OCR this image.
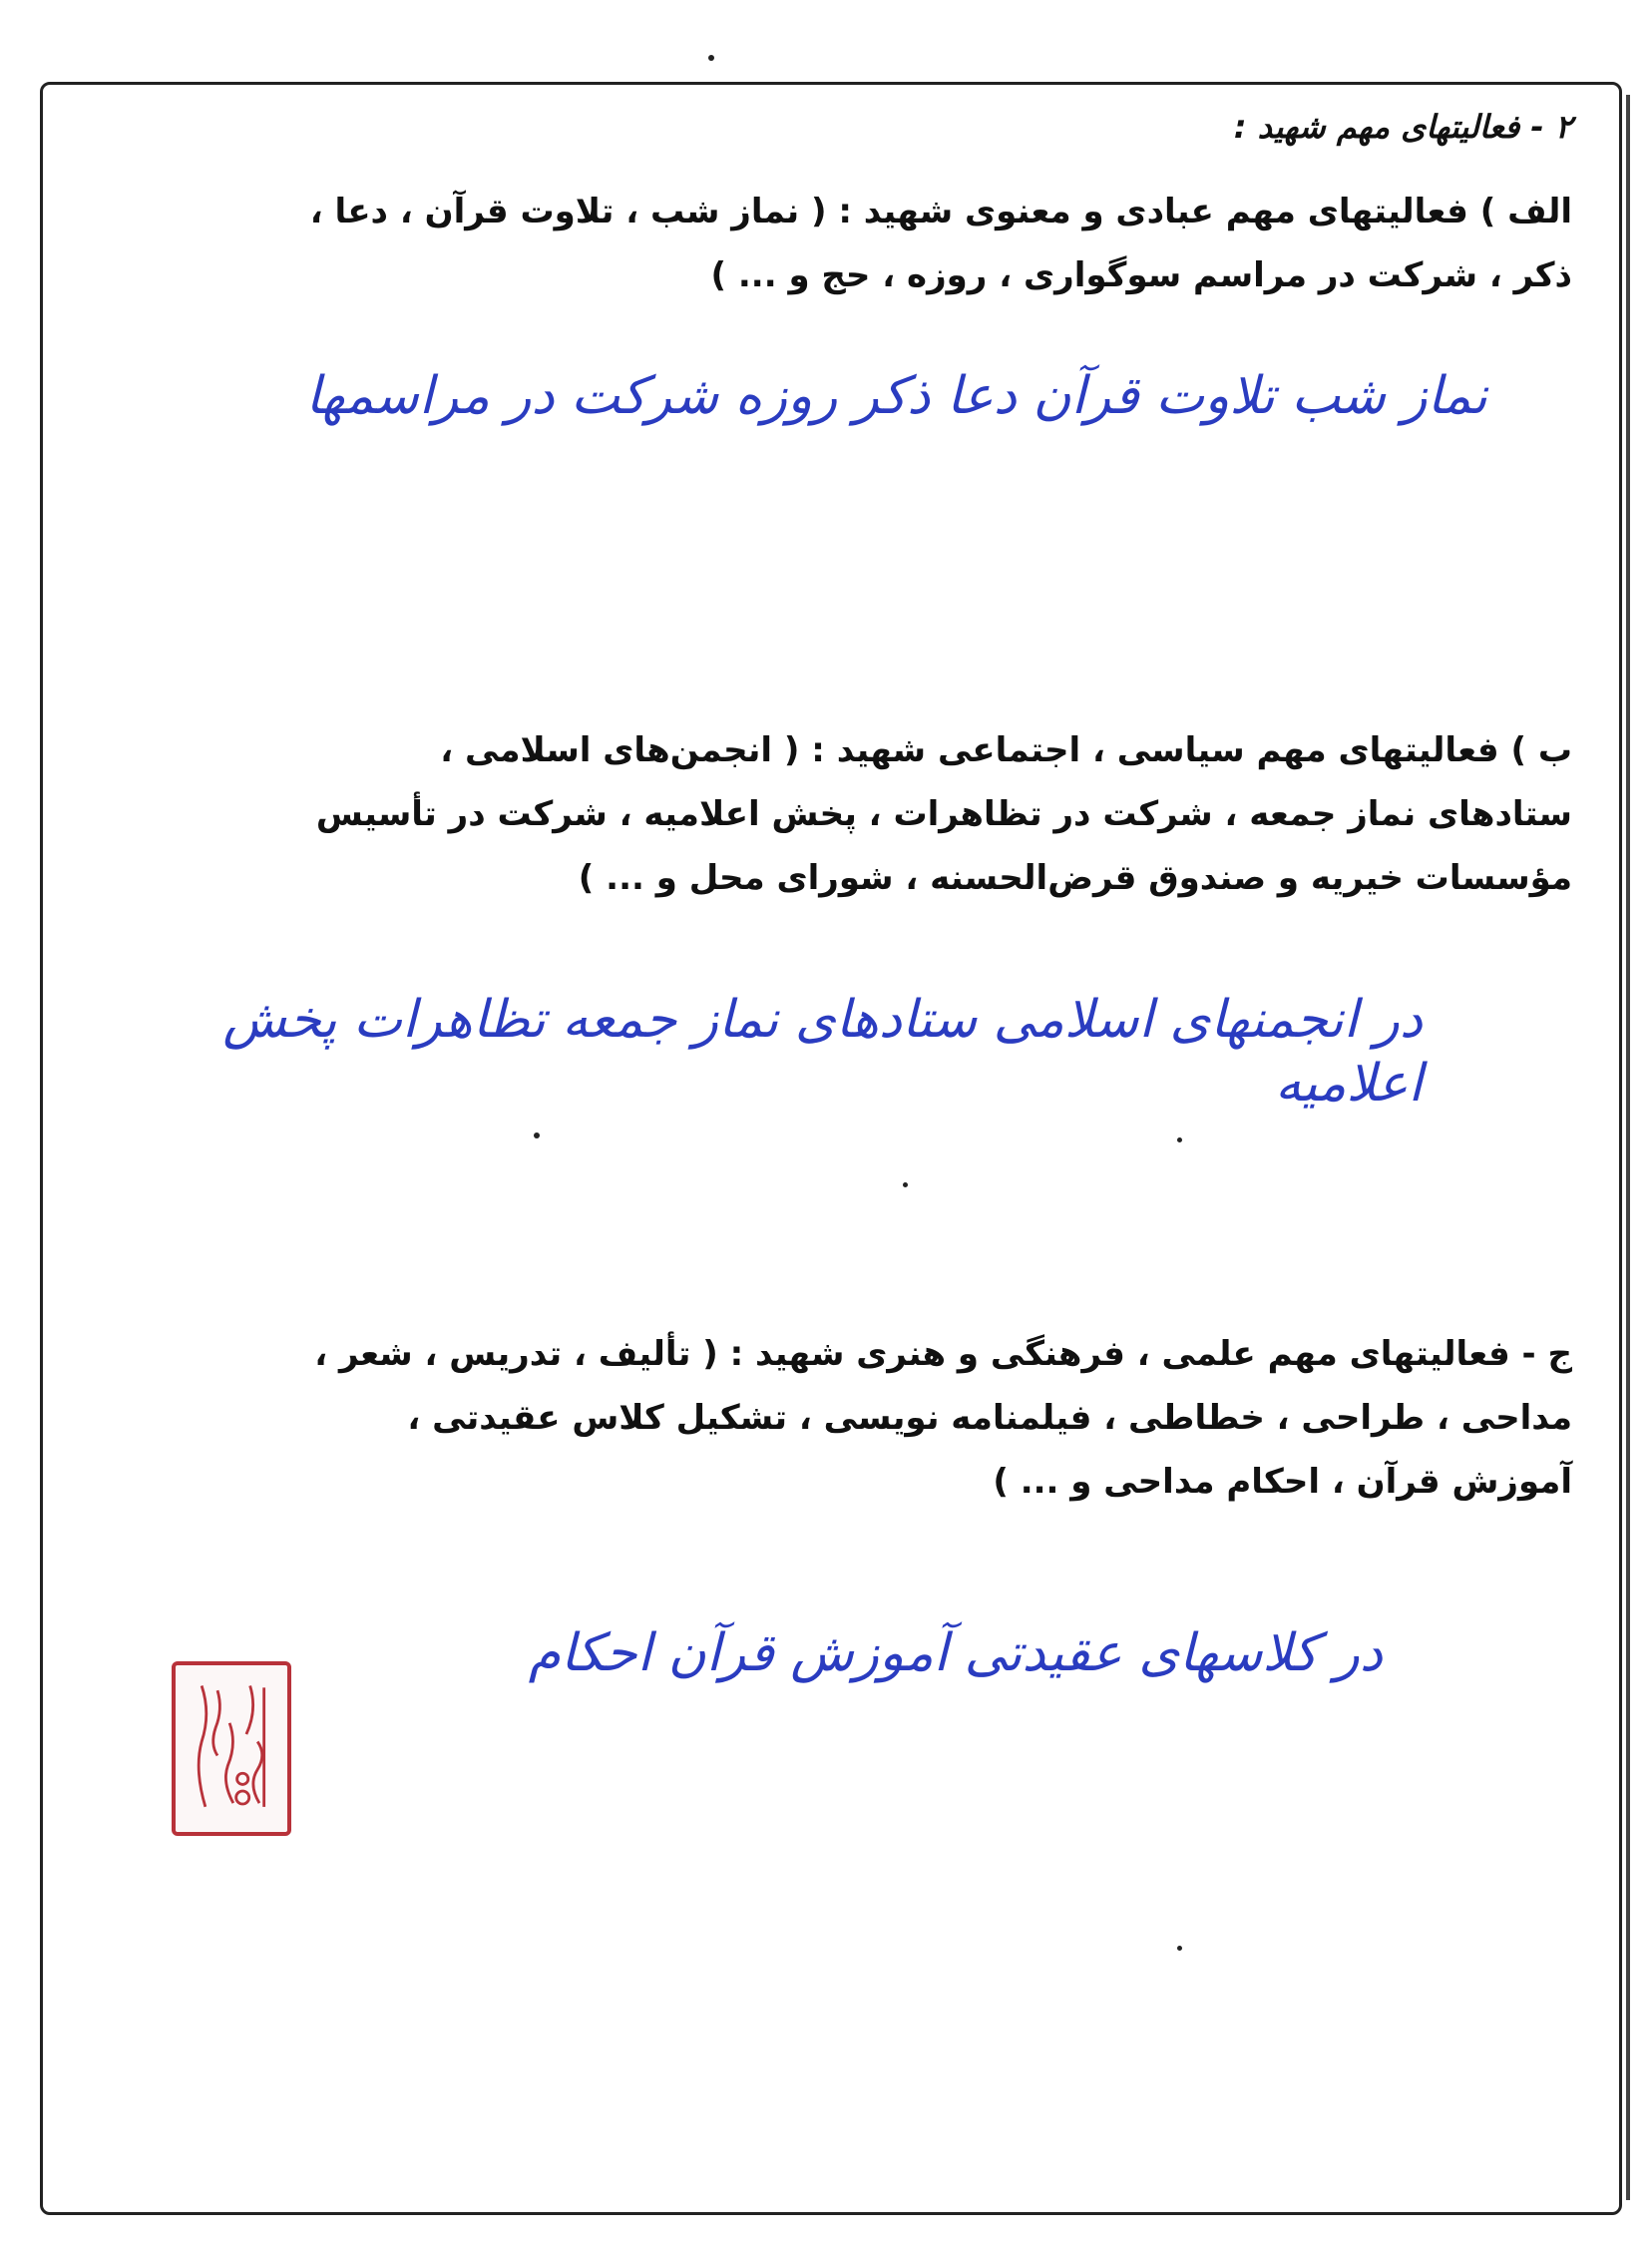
۲ - فعالیتهای مهم شهید :

الف ) فعالیتهای مهم عبادی و معنوی شهید : ( نماز شب ، تلاوت قرآن ، دعا ،

ذکر ، شرکت در مراسم سوگواری ، روزه ، حج و ... )

نماز شب تلاوت قرآن دعا ذکر روزه شرکت در مراسمها

ب ) فعالیتهای مهم سیاسی ، اجتماعی شهید : ( انجمن‌های اسلامی ،

ستادهای نماز جمعه ، شرکت در تظاهرات ، پخش اعلامیه ، شرکت در تأسیس

مؤسسات خیریه و صندوق قرض‌الحسنه ، شورای محل و ... )

در انجمنهای اسلامی ستادهای نماز جمعه تظاهرات پخش اعلامیه

ج - فعالیتهای مهم علمی ، فرهنگی و هنری شهید : ( تألیف ، تدریس ، شعر ،

مداحی ، طراحی ، خطاطی ، فیلمنامه نویسی ، تشکیل کلاس عقیدتی ،

آموزش قرآن ، احکام مداحی و ... )

در کلاسهای عقیدتی آموزش قرآن احکام
